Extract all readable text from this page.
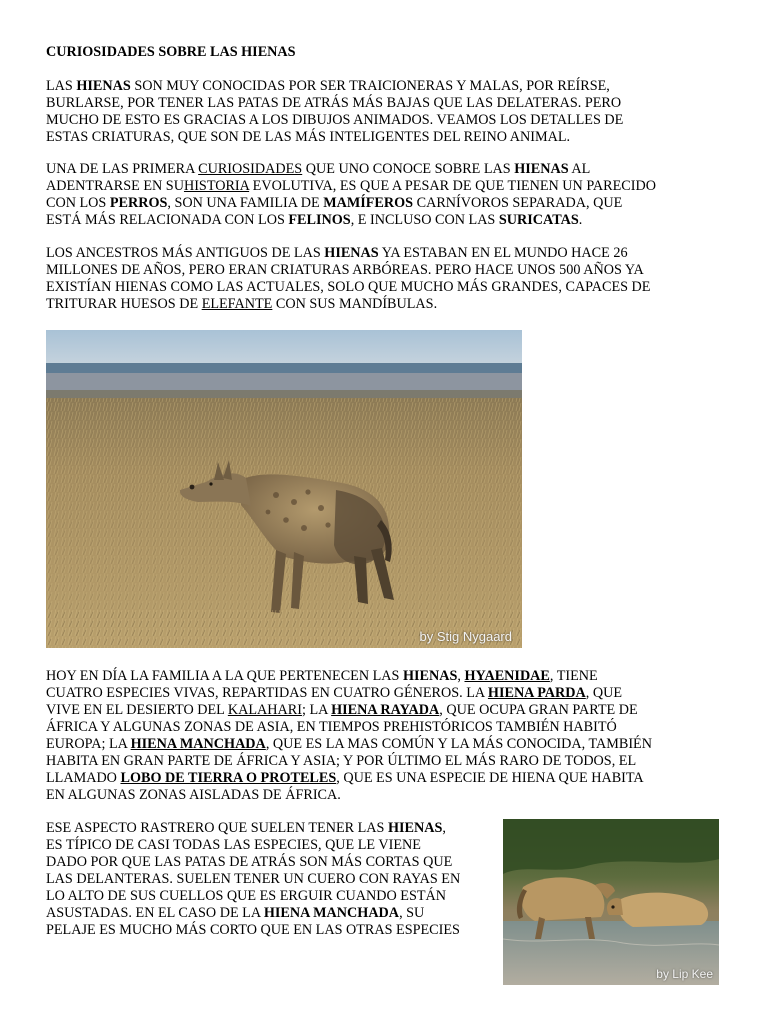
CURIOSIDADES SOBRE LAS HIENAS
LAS HIENAS SON MUY CONOCIDAS POR SER TRAICIONERAS Y MALAS, POR REÍRSE,
BURLARSE, POR TENER LAS PATAS DE ATRÁS MÁS BAJAS QUE LAS DELATERAS. PERO
MUCHO DE ESTO ES GRACIAS A LOS DIBUJOS ANIMADOS. VEAMOS LOS DETALLES DE
ESTAS CRIATURAS, QUE SON DE LAS MÁS INTELIGENTES DEL REINO ANIMAL.
UNA DE LAS PRIMERA CURIOSIDADES QUE UNO CONOCE SOBRE LAS HIENAS AL
ADENTRARSE EN SUHISTORIA EVOLUTIVA, ES QUE A PESAR DE QUE TIENEN UN PARECIDO
CON LOS PERROS, SON UNA FAMILIA DE MAMÍFEROS CARNÍVOROS SEPARADA, QUE
ESTÁ MÁS RELACIONADA CON LOS FELINOS, E INCLUSO CON LAS SURICATAS.
LOS ANCESTROS MÁS ANTIGUOS DE LAS HIENAS YA ESTABAN EN EL MUNDO HACE 26
MILLONES DE AÑOS, PERO ERAN CRIATURAS ARBÓREAS. PERO HACE UNOS 500 AÑOS YA
EXISTÍAN HIENAS COMO LAS ACTUALES, SOLO QUE MUCHO MÁS GRANDES, CAPACES DE
TRITURAR HUESOS DE ELEFANTE CON SUS MANDÍBULAS.
by Stig Nygaard
HOY EN DÍA LA FAMILIA A LA QUE PERTENECEN LAS HIENAS, HYAENIDAE, TIENE
CUATRO ESPECIES VIVAS, REPARTIDAS EN CUATRO GÉNEROS. LA HIENA PARDA, QUE
VIVE EN EL DESIERTO DEL KALAHARI; LA HIENA RAYADA, QUE OCUPA GRAN PARTE DE
ÁFRICA Y ALGUNAS ZONAS DE ASIA, EN TIEMPOS PREHISTÓRICOS TAMBIÉN HABITÓ
EUROPA; LA HIENA MANCHADA, QUE ES LA MAS COMÚN Y LA MÁS CONOCIDA, TAMBIÉN
HABITA EN GRAN PARTE DE ÁFRICA Y ASIA; Y POR ÚLTIMO EL MÁS RARO DE TODOS, EL
LLAMADO LOBO DE TIERRA O PROTELES, QUE ES UNA ESPECIE DE HIENA QUE HABITA
EN ALGUNAS ZONAS AISLADAS DE ÁFRICA.
ESE ASPECTO RASTRERO QUE SUELEN TENER LAS HIENAS,
ES TÍPICO DE CASI TODAS LAS ESPECIES, QUE LE VIENE
DADO POR QUE LAS PATAS DE ATRÁS SON MÁS CORTAS QUE
LAS DELANTERAS. SUELEN TENER UN CUERO CON RAYAS EN
LO ALTO DE SUS CUELLOS QUE ES ERGUIR CUANDO ESTÁN
ASUSTADAS. EN EL CASO DE LA HIENA MANCHADA, SU
PELAJE ES MUCHO MÁS CORTO QUE EN LAS OTRAS ESPECIES
by Lip Kee
